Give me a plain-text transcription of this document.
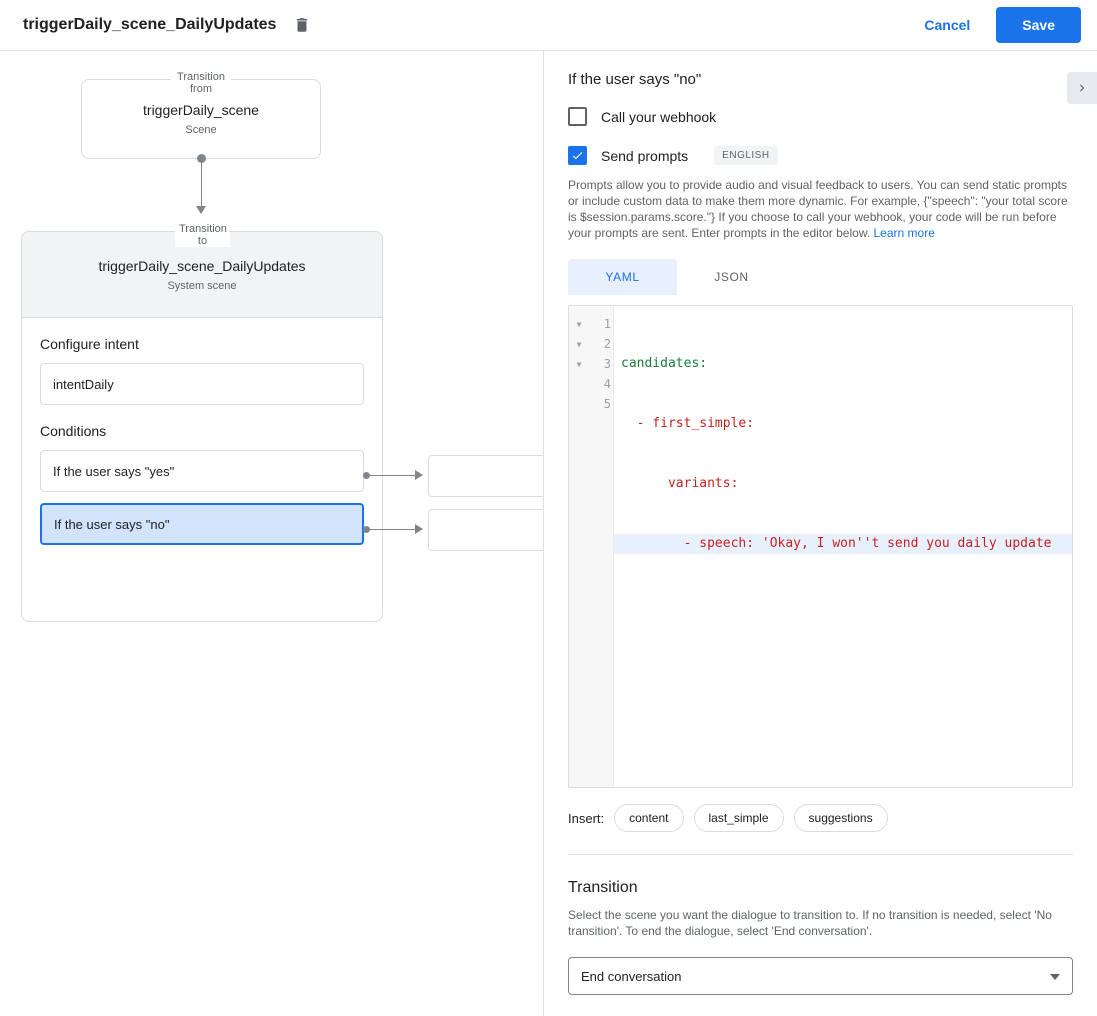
triggerDaily_scene_DailyUpdates	Cancel	Save
Transition from
triggerDaily_scene
Scene
Transition to
triggerDaily_scene_DailyUpdates
System scene
Configure intent
intentDaily
Conditions
If the user says "yes"
If the user says "no"
If the user says "no"
Call your webhook
Send prompts	ENGLISH

Prompts allow you to provide audio and visual feedback to users. You can send static prompts or include custom data to make them more dynamic. For example, {"speech": "your total score is $session.params.score."} If you choose to call your webhook, your code will be run before your prompts are sent. Enter prompts in the editor below. Learn more

YAML	JSON
▼	1
▼	2
▼	3
4
5

candidates:

- first_simple:

variants:

- speech: 'Okay, I won''t send you daily update

Insert:	content	last_simple	suggestions
Transition

Select the scene you want the dialogue to transition to. If no transition is needed, select 'No transition'. To end the dialogue, select 'End conversation'.

End conversation
